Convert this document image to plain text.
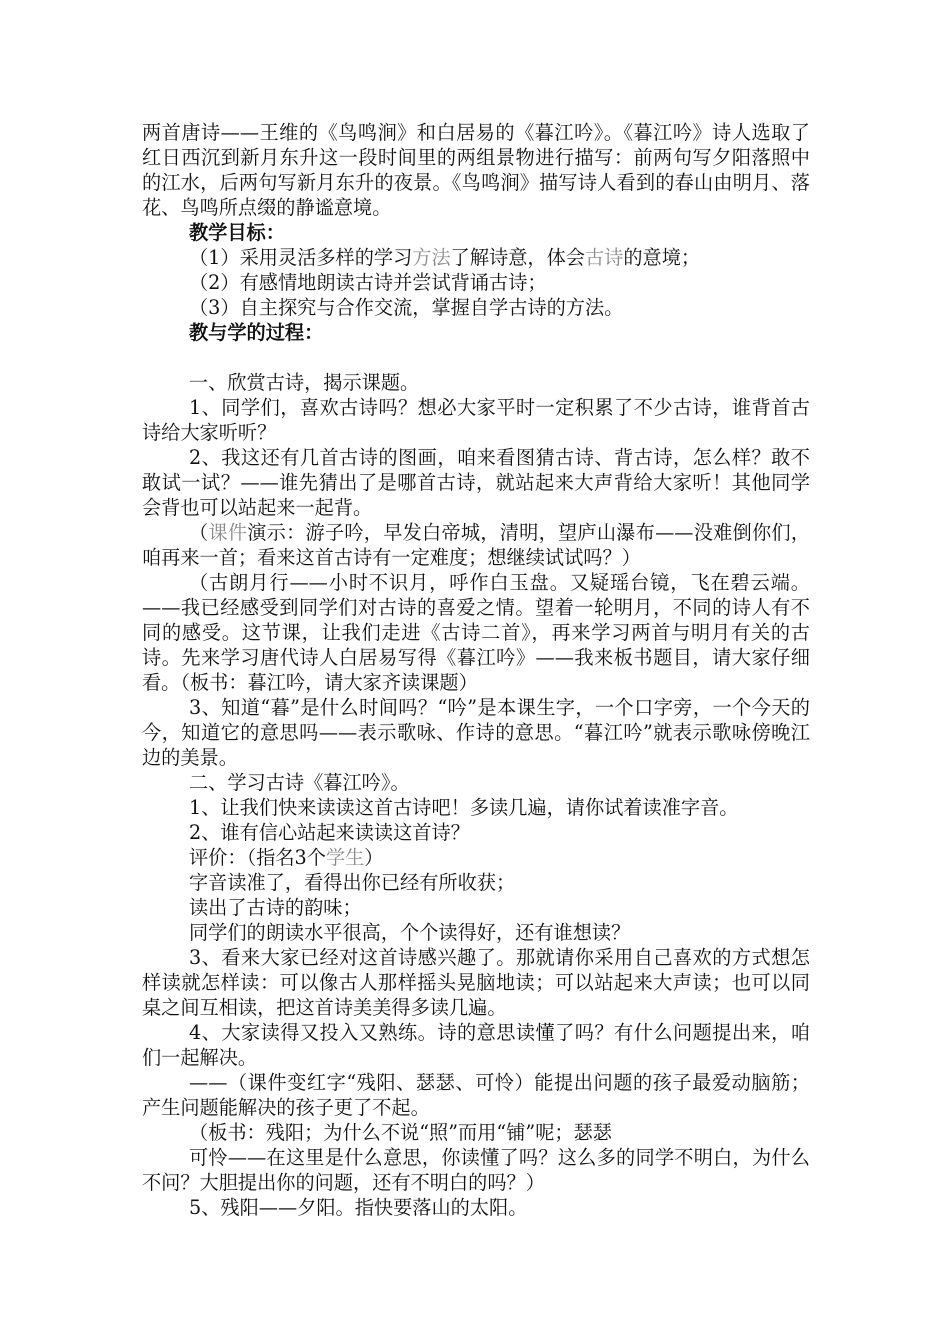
两首唐诗——王维的《鸟鸣涧》和白居易的《暮江吟》。《暮江吟》诗人选取了红日西沉到新月东升这一段时间里的两组景物进行描写：前两句写夕阳落照中的江水，后两句写新月东升的夜景。《鸟鸣涧》描写诗人看到的春山由明月、落花、鸟鸣所点缀的静谧意境。

教学目标：

（1）采用灵活多样的学习方法了解诗意，体会古诗的意境；

（2）有感情地朗读古诗并尝试背诵古诗；

（3）自主探究与合作交流，掌握自学古诗的方法。

教与学的过程：

一、欣赏古诗，揭示课题。

1、同学们，喜欢古诗吗？想必大家平时一定积累了不少古诗，谁背首古诗给大家听听？

2、我这还有几首古诗的图画，咱来看图猜古诗、背古诗，怎么样？敢不敢试一试？——谁先猜出了是哪首古诗，就站起来大声背给大家听！其他同学会背也可以站起来一起背。

（课件演示：游子吟，早发白帝城，清明，望庐山瀑布——没难倒你们，咱再来一首；看来这首古诗有一定难度；想继续试试吗？）

（古朗月行——小时不识月，呼作白玉盘。又疑瑶台镜，飞在碧云端。——我已经感受到同学们对古诗的喜爱之情。望着一轮明月，不同的诗人有不同的感受。这节课，让我们走进《古诗二首》，再来学习两首与明月有关的古诗。先来学习唐代诗人白居易写得《暮江吟》——我来板书题目，请大家仔细看。（板书：暮江吟，请大家齐读课题）

3、知道“暮”是什么时间吗？“吟”是本课生字，一个口字旁，一个今天的今，知道它的意思吗——表示歌咏、作诗的意思。“暮江吟”就表示歌咏傍晚江边的美景。

二、学习古诗《暮江吟》。

1、让我们快来读读这首古诗吧！多读几遍，请你试着读准字音。

2、谁有信心站起来读读这首诗？

评价：（指名3个学生）

字音读准了，看得出你已经有所收获；

读出了古诗的韵味；

同学们的朗读水平很高，个个读得好，还有谁想读？

3、看来大家已经对这首诗感兴趣了。那就请你采用自己喜欢的方式想怎样读就怎样读：可以像古人那样摇头晃脑地读；可以站起来大声读；也可以同桌之间互相读，把这首诗美美得多读几遍。

4、大家读得又投入又熟练。诗的意思读懂了吗？有什么问题提出来，咱们一起解决。

——（课件变红字“残阳、瑟瑟、可怜）能提出问题的孩子最爱动脑筋；产生问题能解决的孩子更了不起。

（板书：残阳；为什么不说“照”而用“铺”呢；瑟瑟

可怜——在这里是什么意思，你读懂了吗？这么多的同学不明白，为什么不问？大胆提出你的问题，还有不明白的吗？）

5、残阳——夕阳。指快要落山的太阳。
